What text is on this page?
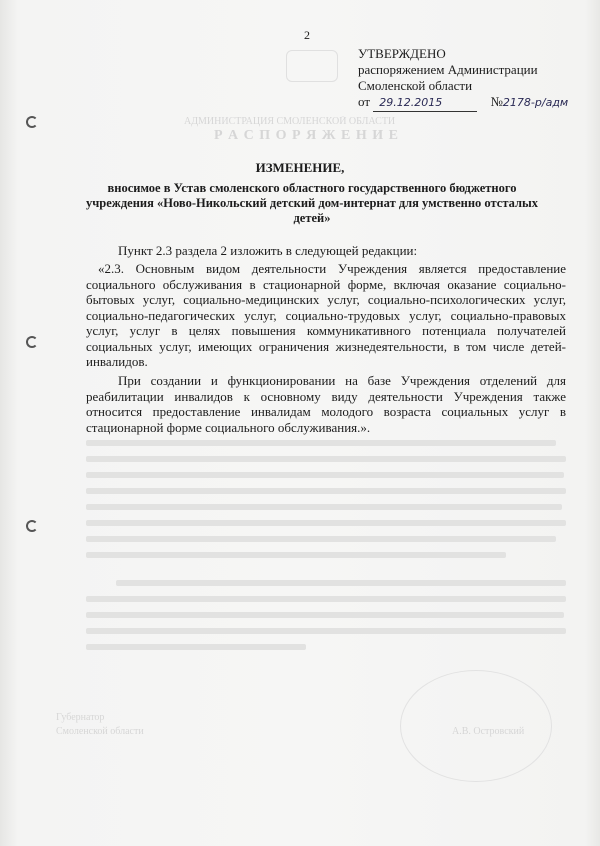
АДМИНИСТРАЦИЯ СМОЛЕНСКОЙ ОБЛАСТИ
Р А С П О Р Я Ж Е Н И Е
Губернатор
Смоленской области	А.В. Островский
2
УТВЕРЖДЕНО
распоряжением Администрации
Смоленской области
от 29.12.2015	№2178-р/адм
ИЗМЕНЕНИЕ,
вносимое в Устав смоленского областного государственного бюджетного
учреждения «Ново-Никольский детский дом-интернат для умственно отсталых
детей»
Пункт 2.3 раздела 2 изложить в следующей редакции:
«2.3. Основным видом деятельности Учреждения является предоставление социального обслуживания в стационарной форме, включая оказание социально-бытовых услуг, социально-медицинских услуг, социально-психологических услуг, социально-педагогических услуг, социально-трудовых услуг, социально-правовых услуг, услуг в целях повышения коммуникативного потенциала получателей социальных услуг, имеющих ограничения жизнедеятельности, в том числе детей-инвалидов.
При создании и функционировании на базе Учреждения отделений для реабилитации инвалидов к основному виду деятельности Учреждения также относится предоставление инвалидам молодого возраста социальных услуг в стационарной форме социального обслуживания.».
